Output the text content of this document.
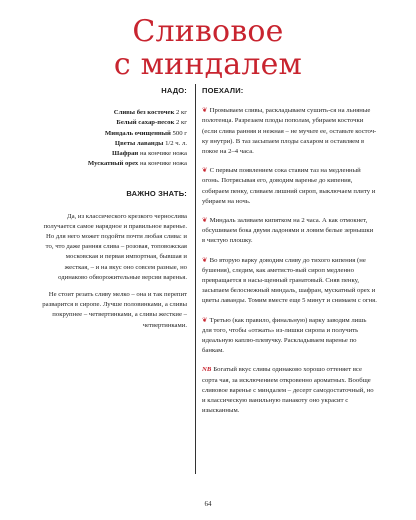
Сливовое
с миндалем
НАДО:
Сливы без косточек 2 кг
Белый сахар-песок 2 кг
Миндаль очищенный 500 г
Цветы лаванды 1/2 ч. л.
Шафран на кончике ножа
Мускатный орех на кончике ножа
ВАЖНО ЗНАТЬ:

Да, из классического крезкого чернослива получается самое нарядное и правильное варенье. Но для него может подойти почти любая слива: и то, что даже ранняя слива – розовая, топовожская московская и первая импортная, бывшая и жесткая, – и на вкус оно совсем разные, но одинаково обворожительные версии варенья.

Не стоит резать сливу мелко – она и так перепит разварится в сиропе. Лучше половинками, а сливы покрупнее – четвертинками, а сливы жесткие – четвертинками.

ПОЕХАЛИ:

❦ Промываем сливы, раскладываем сушить-ся на льняные полотенца. Разрезаем плоды пополам, убираем косточки (если слива ранняя и нежная – не мучьте ее, оставьте косточ-ку внутри). В таз засыпаем плоды сахаром и оставляем в покое на 2–4 часа.

❦ С первым появлением сока ставим таз на медленный огонь. Потрясывая его, доводим варенье до кипения, собираем пенку, сливаем лишний сироп, выключаем плиту и убираем на ночь.

❦ Миндаль заливаем кипятком на 2 часа. А как отмокнет, обсушиваем бока двумя ладонями и ловим белые зернышки в чистую плошку.

❦ Во вторую варку доводим сливу до тихого кипения (не бушения), следим, как аметисто-вый сироп медленно превращается в насы-щенный гранатовый. Сняв пенку, засыпаем белоснежный миндаль, шафран, мускатный орех и цветы лаванды. Томим вместе еще 5 минут и снимаем с огня.

❦ Третью (как правило, финальную) варку заводим лишь для того, чтобы «отжать» из-лишки сиропа и получить идеальную каплю-плевучку. Раскладываем варенье по банкам.

NB Богатый вкус сливы одинаково хорошо оттеняет все сорта чая, за исключением откровенно ароматных. Вообще сливовое варенье с миндалем – десерт самодостаточный, но и классическую ванильную панакоту оно украсит с изысканным.

64
